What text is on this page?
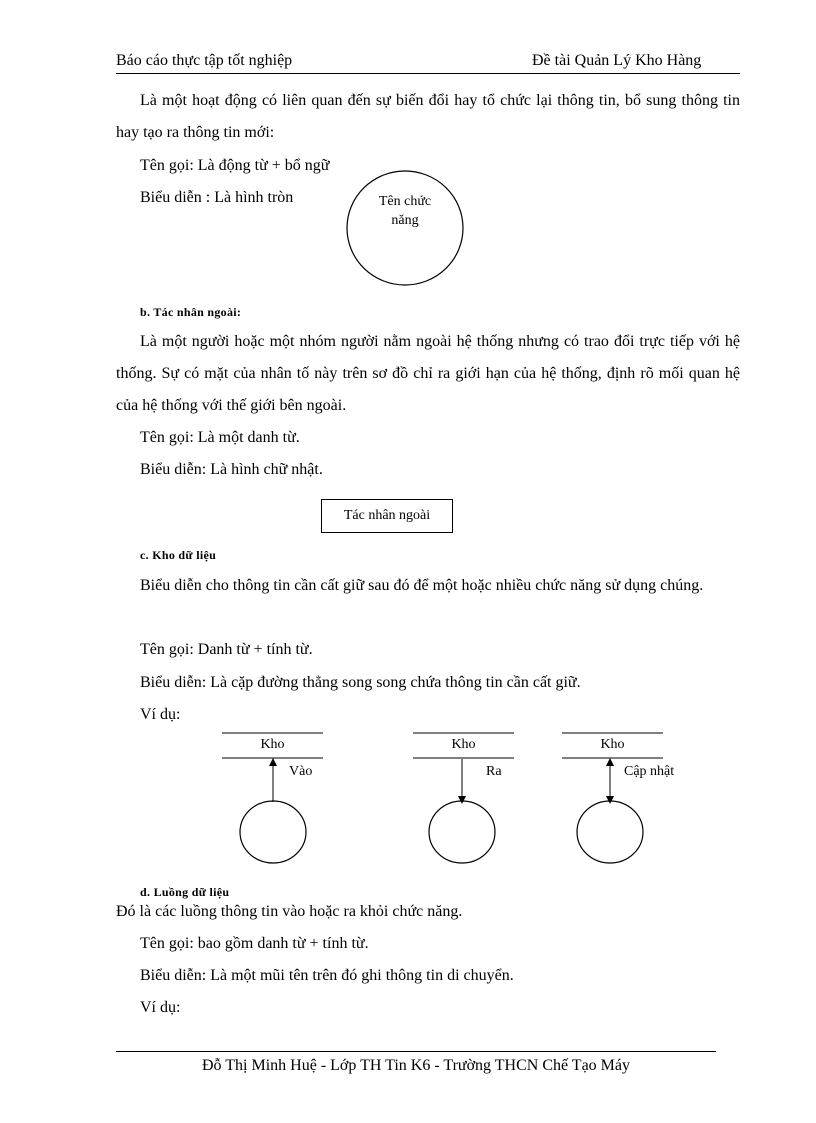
Báo cáo thực tập tốt nghiệp	Đề tài Quản Lý Kho Hàng
Là một hoạt động có liên quan đến sự biến đổi hay tổ chức lại thông tin, bổ sung thông tin hay tạo ra thông tin mới:
Tên gọi: Là động từ + bổ ngữ
Biểu diễn : Là hình tròn	Tên chức
năng
b. Tác nhân ngoài:
Là một người hoặc một nhóm người nằm ngoài hệ thống nhưng có trao đổi trực tiếp với hệ thống. Sự có mặt của nhân tố này trên sơ đồ chỉ ra giới hạn của hệ thống, định rõ mối quan hệ của hệ thống với thế giới bên ngoài.
Tên gọi: Là một danh từ.
Biểu diễn: Là hình chữ nhật.
Tác nhân ngoài
c. Kho dữ liệu
Biểu diễn cho thông tin cần cất giữ sau đó để một hoặc nhiều chức năng sử dụng chúng.
Tên gọi: Danh từ + tính từ.
Biểu diễn: Là cặp đường thẳng song song chứa thông tin cần cất giữ.
Ví dụ:
Kho	Kho	Kho
Vào	Ra	Cập nhật
d. Luồng dữ liệu
Đó là các luồng thông tin vào hoặc ra khỏi chức năng.
Tên gọi: bao gồm danh từ + tính từ.
Biểu diễn: Là một mũi tên trên đó ghi thông tin di chuyển.
Ví dụ:
Đỗ Thị Minh Huệ - Lớp TH Tin K6 - Trường THCN Chế Tạo Máy
